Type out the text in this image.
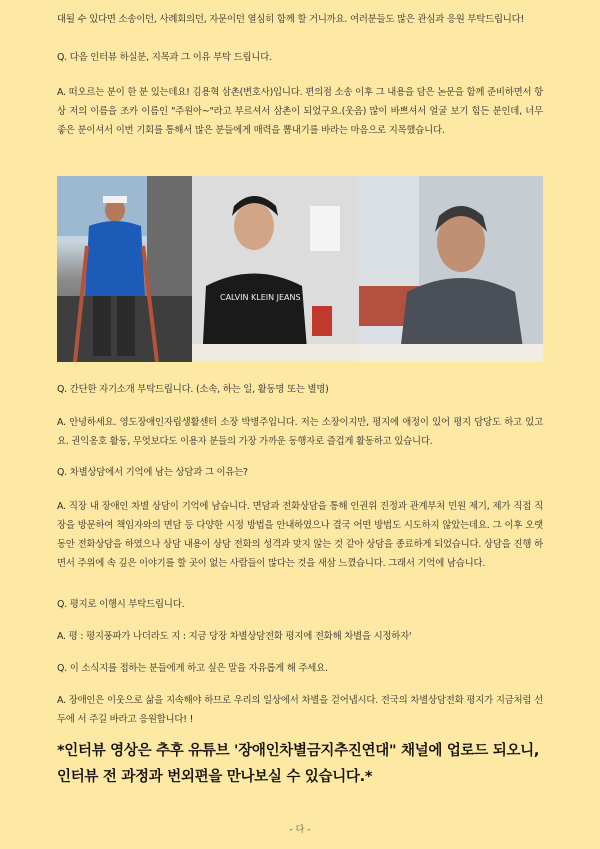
대될 수 있다면 소송이던, 사례회의던, 자문이던 열심히 함께 할 거니까요. 여러분들도 많은 관심과 응원 부탁드립니다!

Q. 다음 인터뷰 하실분, 지목과 그 이유 부탁 드립니다.

A. 떠오르는 분이 한 분 있는데요! 김용혁 삼촌(변호사)입니다. 편의점 소송 이후 그 내용을 담은 논문을 함께 준비하면서 항상 저의 이름을 조카 이름인 "주원아~"라고 부르셔서 삼촌이 되었구요.(웃음) 많이 바쁘셔서 얼굴 보기 힘든 분인데, 너무 좋은 분이셔서 이번 기회를 통해서 많은 분들에게 매력을 뽐내기를 바라는 마음으로 지목했습니다.

CALVIN KLEIN JEANS

Q. 간단한 자기소개 부탁드립니다. (소속, 하는 일, 활동명 또는 별명)

A. 안녕하세요. 영도장애인자립생활센터 소장 박병주입니다. 저는 소장이지만, 평지에 애정이 있어 평지 담당도 하고 있고요. 권익옹호 활동, 무엇보다도 이용자 분들의 가장 가까운 동행자로 즐겁게 활동하고 있습니다.

Q. 차별상담에서 기억에 남는 상담과 그 이유는?

A. 직장 내 장애인 차별 상담이 기억에 남습니다. 면담과 전화상담을 통해 인권위 진정과 관계부처 민원 제기, 제가 직접 직장을 방문하여 책임자와의 면담 등 다양한 시정 방법을 안내하였으나 결국 어떤 방법도 시도하지 않았는데요. 그 이후 오랫동안 전화상담을 하였으나 상담 내용이 상담 전화의 성격과 맞지 않는 것 같아 상담을 종료하게 되었습니다. 상담을 진행 하면서 주위에 속 깊은 이야기를 할 곳이 없는 사람들이 많다는 것을 새삼 느꼈습니다. 그래서 기억에 남습니다.

Q. 평지로 이행시 부탁드립니다.

A. 평 : 평지풍파가 나더라도 지 : 지금 당장 차별상담전화 평지에 전화해 차별을 시정하자'

Q. 이 소식지를 접하는 분들에게 하고 싶은 말을 자유롭게 해 주세요.

A. 장애인은 이웃으로 삶을 지속해야 하므로 우리의 일상에서 차별을 걷어냅시다. 전국의 차별상담전화 평지가 지금처럼 선두에 서 주길 바라고 응원합니다! !

*인터뷰 영상은 추후 유튜브 '장애인차별금지추진연대" 채널에 업로드 되오니, 인터뷰 전 과정과 번외편을 만나보실 수 있습니다.*

- 다 -
